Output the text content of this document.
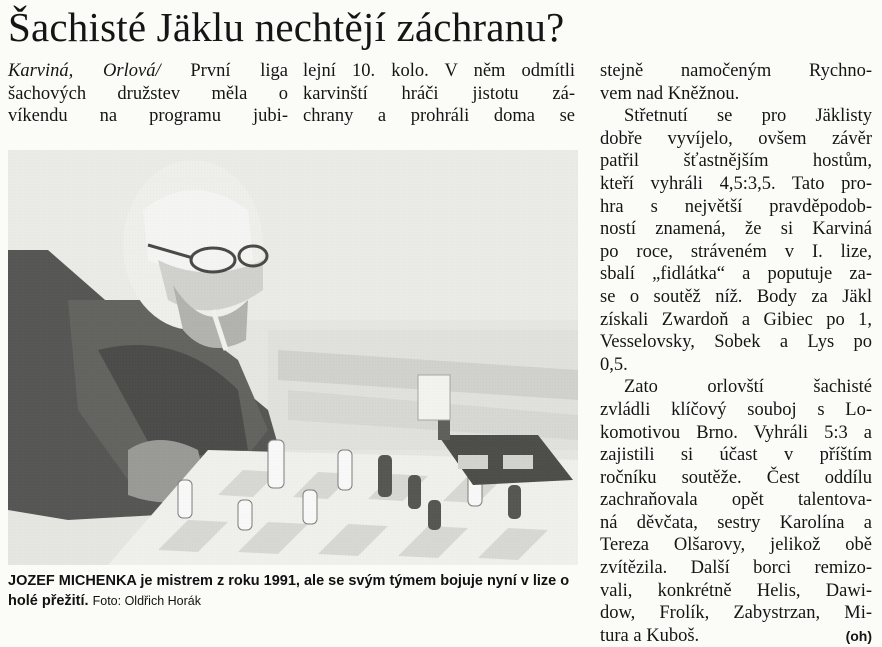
Šachisté Jäklu nechtějí záchranu?
Karviná, Orlová/ První liga
šachových družstev měla o
víkendu na programu jubi-
lejní 10. kolo. V něm odmítli
karvinští hráči jistotu zá-
chrany a prohráli doma se
stejně namočeným Rychno-
vem nad Kněžnou.
Střetnutí se pro Jäklisty
dobře vyvíjelo, ovšem závěr
patřil šťastnějším hostům,
kteří vyhráli 4,5:3,5. Tato pro-
hra s největší pravděpodob-
ností znamená, že si Karviná
po roce, stráveném v I. lize,
sbalí „fidlátka“ a poputuje za-
se o soutěž níž. Body za Jäkl
získali Zwardoň a Gibiec po 1,
Vesselovsky, Sobek a Lys po
0,5.
Zato orlovští šachisté
zvládli klíčový souboj s Lo-
komotivou Brno. Vyhráli 5:3 a
zajistili si účast v příštím
ročníku soutěže. Čest oddílu
zachraňovala opět talentova-
ná děvčata, sestry Karolína a
Tereza Olšarovy, jelikož obě
zvítězila. Další borci remizo-
vali, konkrétně Helis, Dawi-
dow, Frolík, Zabystrzan, Mi-
(oh)
tura a Kuboš.
JOZEF MICHENKA je mistrem z roku 1991, ale se svým týmem bojuje nyní v lize o holé přežití. Foto: Oldřich Horák
